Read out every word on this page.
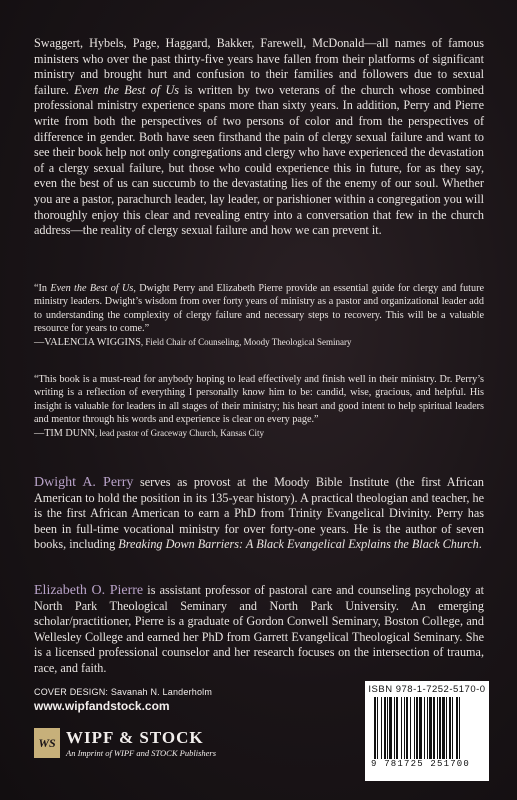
Swaggert, Hybels, Page, Haggard, Bakker, Farewell, McDonald—all names of famous ministers who over the past thirty-five years have fallen from their platforms of significant ministry and brought hurt and confusion to their families and followers due to sexual failure. Even the Best of Us is written by two veterans of the church whose combined professional ministry experience spans more than sixty years. In addition, Perry and Pierre write from both the perspectives of two persons of color and from the perspectives of difference in gender. Both have seen firsthand the pain of clergy sexual failure and want to see their book help not only congregations and clergy who have experienced the devastation of a clergy sexual failure, but those who could experience this in future, for as they say, even the best of us can succumb to the devastating lies of the enemy of our soul. Whether you are a pastor, parachurch leader, lay leader, or parishioner within a congregation you will thoroughly enjoy this clear and revealing entry into a conversation that few in the church address—the reality of clergy sexual failure and how we can prevent it.

“In Even the Best of Us, Dwight Perry and Elizabeth Pierre provide an essential guide for clergy and future ministry leaders. Dwight’s wisdom from over forty years of ministry as a pastor and organizational leader add to understanding the complexity of clergy failure and necessary steps to recovery. This will be a valuable resource for years to come.”
—VALENCIA WIGGINS, Field Chair of Counseling, Moody Theological Seminary

“This book is a must-read for anybody hoping to lead effectively and finish well in their ministry. Dr. Perry’s writing is a reflection of everything I personally know him to be: candid, wise, gracious, and helpful. His insight is valuable for leaders in all stages of their ministry; his heart and good intent to help spiritual leaders and mentor through his words and experience is clear on every page.”
—TIM DUNN, lead pastor of Graceway Church, Kansas City

Dwight A. Perry serves as provost at the Moody Bible Institute (the first African American to hold the position in its 135-year history). A practical theologian and teacher, he is the first African American to earn a PhD from Trinity Evangelical Divinity. Perry has been in full-time vocational ministry for over forty-one years. He is the author of seven books, including Breaking Down Barriers: A Black Evangelical Explains the Black Church.

Elizabeth O. Pierre is assistant professor of pastoral care and counseling psychology at North Park Theological Seminary and North Park University. An emerging scholar/practitioner, Pierre is a graduate of Gordon Conwell Seminary, Boston College, and Wellesley College and earned her PhD from Garrett Evangelical Theological Seminary. She is a licensed professional counselor and her research focuses on the intersection of trauma, race, and faith.

COVER DESIGN: Savanah N. Landerholm
www.wipfandstock.com
WS WIPF & STOCK
An Imprint of WIPF and STOCK Publishers
ISBN 978-1-7252-5170-0
9 781725 251700
